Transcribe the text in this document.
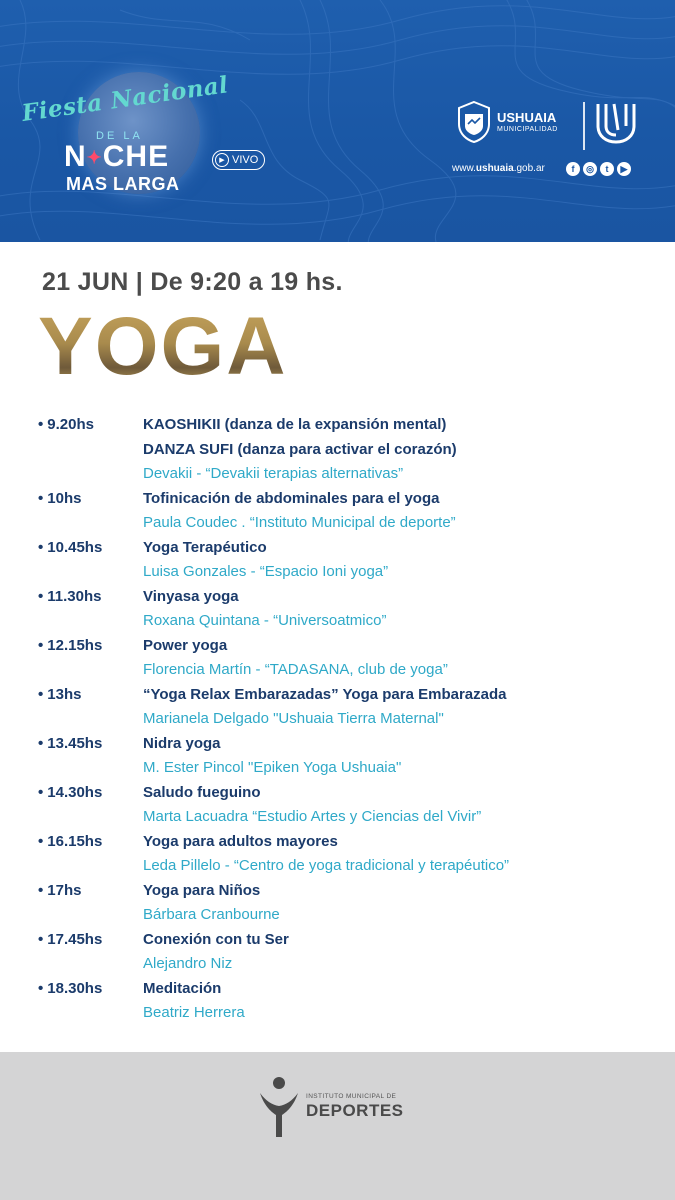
Fiesta Nacional
DE LA
N✦CHE
MAS LARGA
▶ VIVO
USHUAIA
MUNICIPALIDAD
www.ushuaia.gob.ar	f	◎	t	▶
21 JUN | De 9:20 a 19 hs.
YOGA
• 9.20hs	KAOSHIKII (danza de la expansión mental)
DANZA SUFI (danza para activar el corazón)
Devakii - “Devakii terapias alternativas”
• 10hs	Tofinicación de abdominales para el yoga
Paula Coudec . “Instituto Municipal de deporte”
• 10.45hs	Yoga Terapéutico
Luisa Gonzales - “Espacio Ioni yoga”
• 11.30hs	Vinyasa yoga
Roxana Quintana - “Universoatmico”
• 12.15hs	Power yoga
Florencia Martín - “TADASANA, club de yoga”
• 13hs	“Yoga Relax Embarazadas” Yoga para Embarazada
Marianela Delgado "Ushuaia Tierra Maternal"
• 13.45hs	Nidra yoga
M. Ester Pincol "Epiken Yoga Ushuaia"
• 14.30hs	Saludo fueguino
Marta Lacuadra “Estudio Artes y Ciencias del Vivir”
• 16.15hs	Yoga para adultos mayores
Leda Pillelo - “Centro de yoga tradicional y terapéutico”
• 17hs	Yoga para Niños
Bárbara Cranbourne
• 17.45hs	Conexión con tu Ser
Alejandro Niz
• 18.30hs	Meditación
Beatriz Herrera
INSTITUTO MUNICIPAL DE
DEPORTES
